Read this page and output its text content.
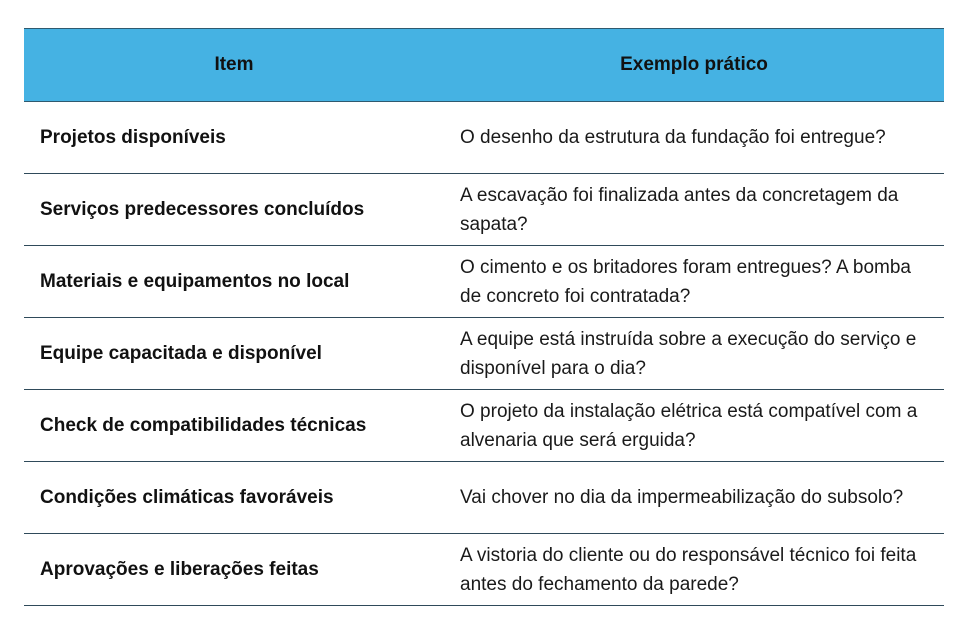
Item	Exemplo prático
Projetos disponíveis	O desenho da estrutura da fundação foi entregue?
Serviços predecessores concluídos	A escavação foi finalizada antes da concretagem da sapata?
Materiais e equipamentos no local	O cimento e os britadores foram entregues? A bomba de concreto foi contratada?
Equipe capacitada e disponível	A equipe está instruída sobre a execução do serviço e disponível para o dia?
Check de compatibilidades técnicas	O projeto da instalação elétrica está compatível com a alvenaria que será erguida?
Condições climáticas favoráveis	Vai chover no dia da impermeabilização do subsolo?
Aprovações e liberações feitas	A vistoria do cliente ou do responsável técnico foi feita antes do fechamento da parede?
